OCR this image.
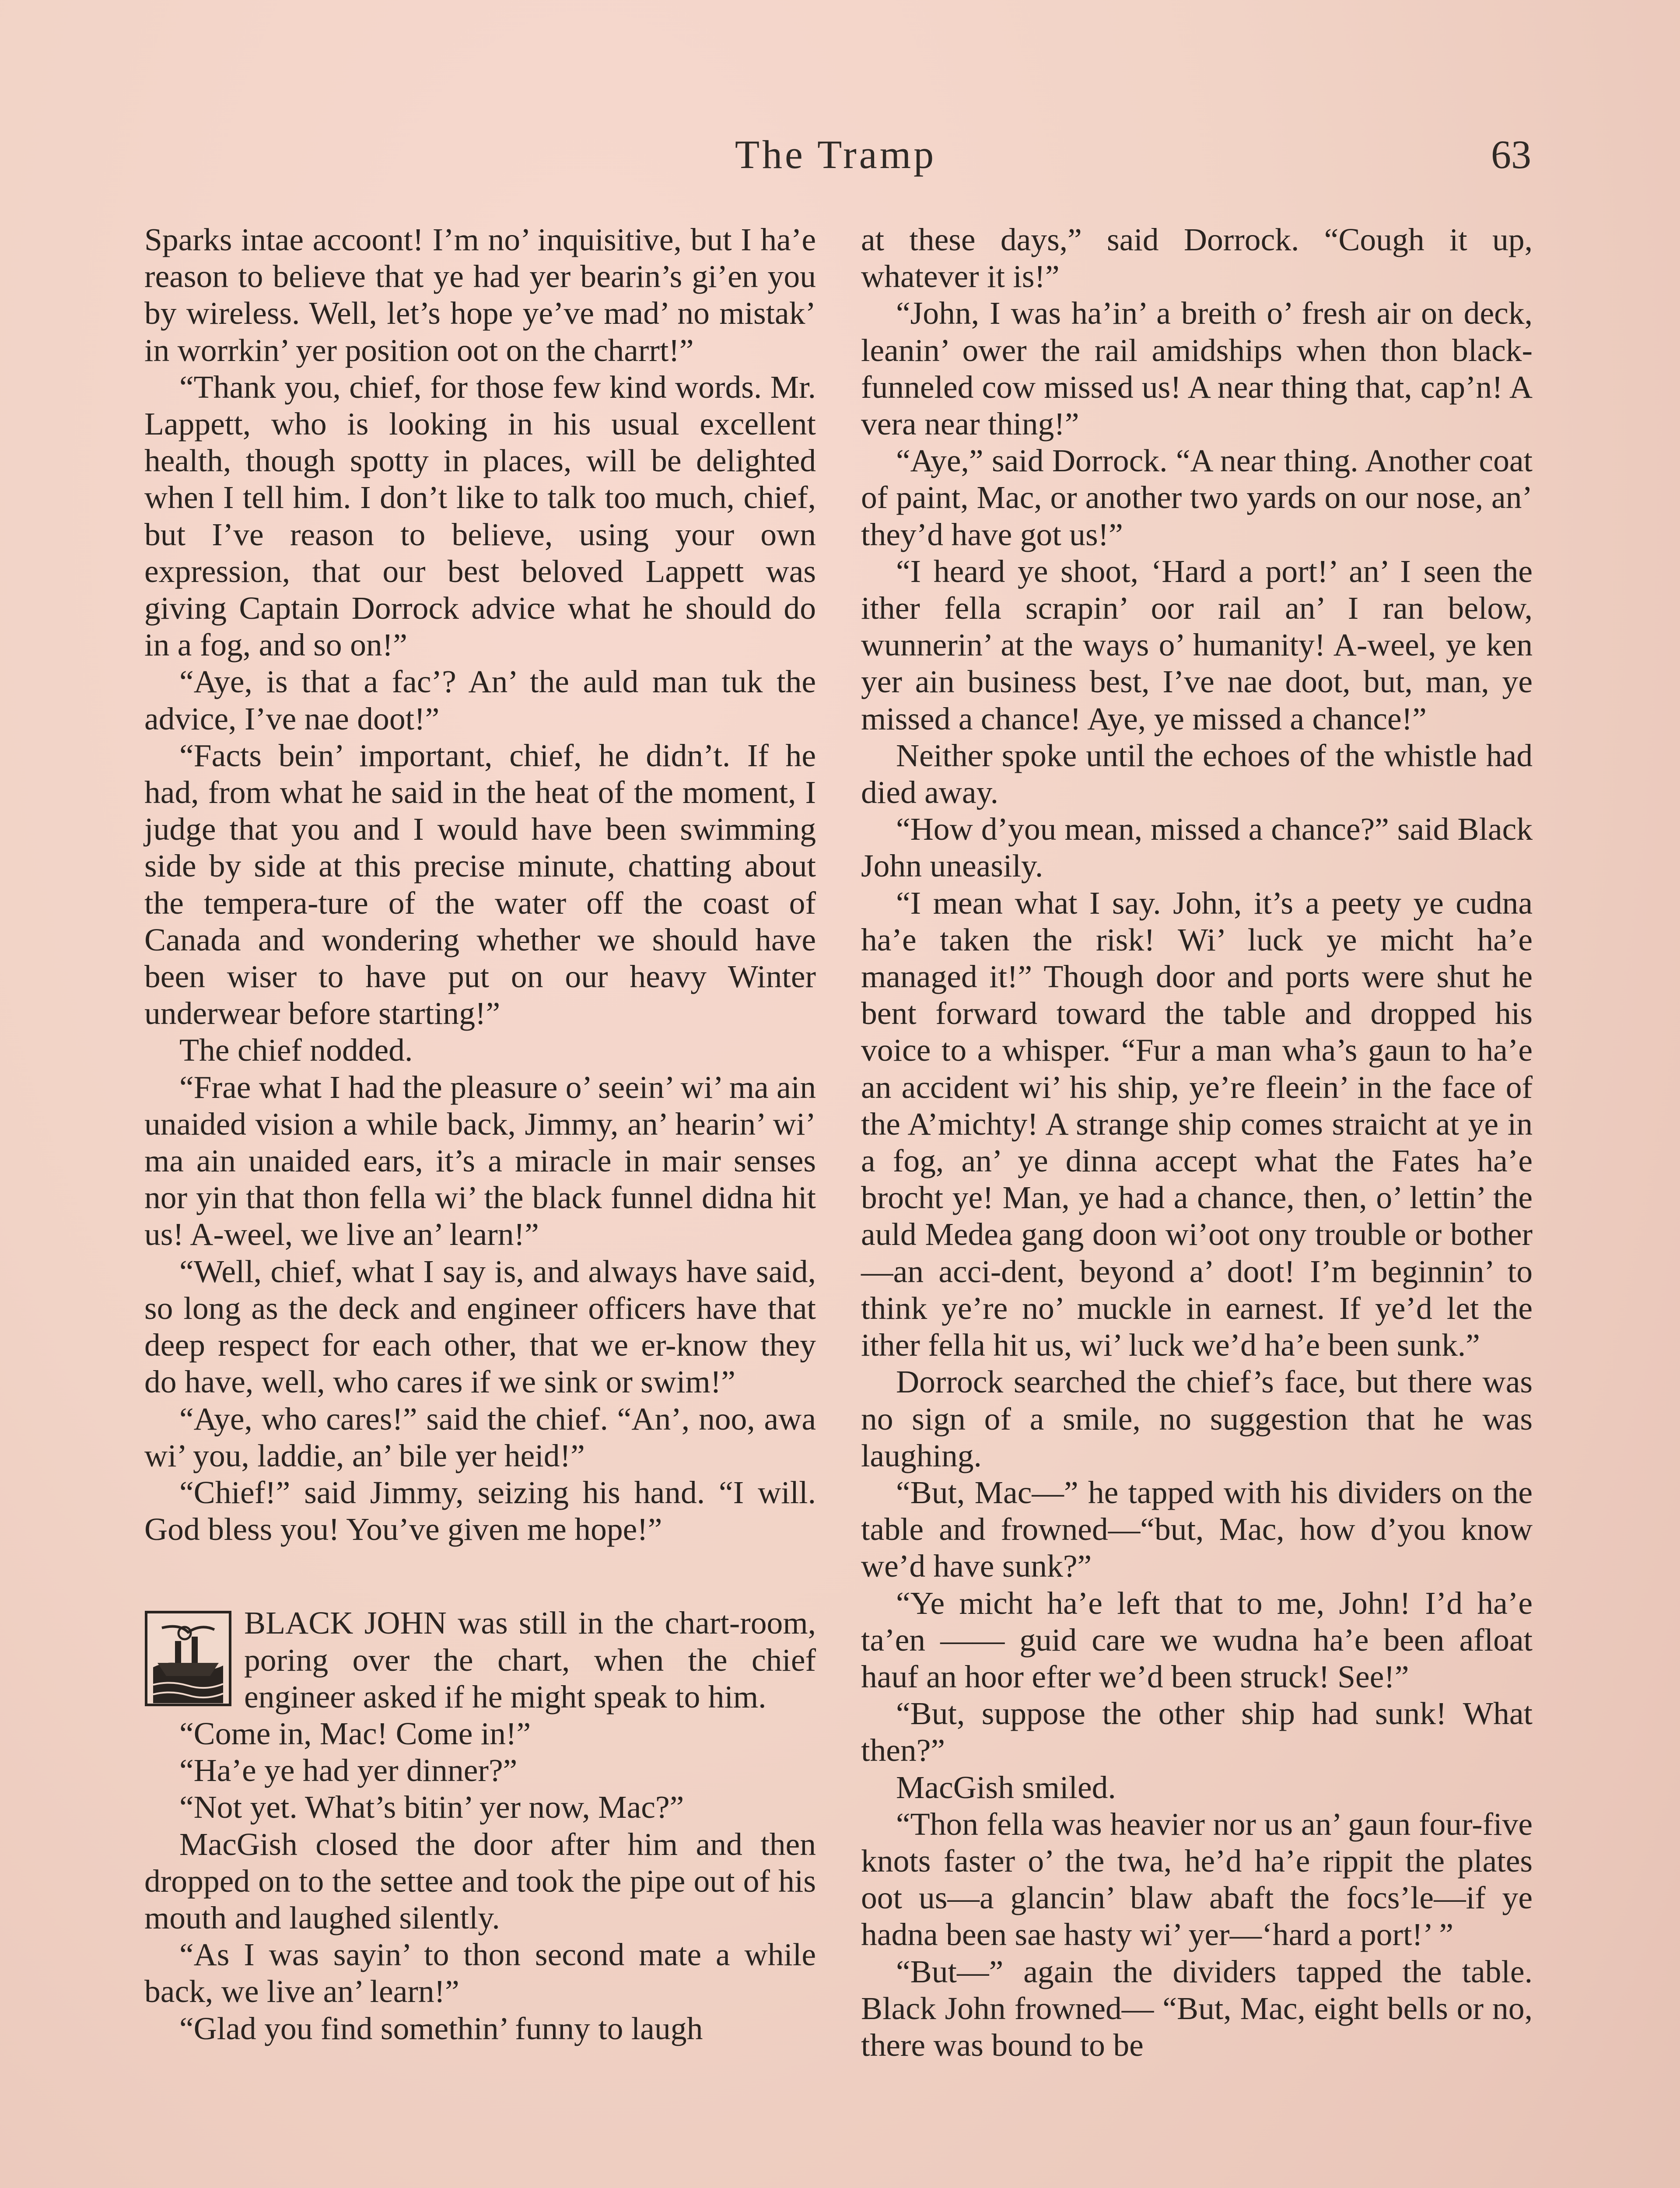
The Tramp	63

Sparks intae accoont! I’m no’ inquisitive, but I ha’e reason to believe that ye had yer bearin’s gi’en you by wireless. Well, let’s hope ye’ve mad’ no mistak’ in worrkin’ yer position oot on the charrt!”

“Thank you, chief, for those few kind words. Mr. Lappett, who is looking in his usual excellent health, though spotty in places, will be delighted when I tell him. I don’t like to talk too much, chief, but I’ve reason to believe, using your own expression, that our best beloved Lappett was giving Captain Dorrock advice what he should do in a fog, and so on!”

“Aye, is that a fac’? An’ the auld man tuk the advice, I’ve nae doot!”

“Facts bein’ important, chief, he didn’t. If he had, from what he said in the heat of the moment, I judge that you and I would have been swimming side by side at this precise minute, chatting about the tempera-ture of the water off the coast of Canada and wondering whether we should have been wiser to have put on our heavy Winter underwear before starting!”

The chief nodded.

“Frae what I had the pleasure o’ seein’ wi’ ma ain unaided vision a while back, Jimmy, an’ hearin’ wi’ ma ain unaided ears, it’s a miracle in mair senses nor yin that thon fella wi’ the black funnel didna hit us! A-weel, we live an’ learn!”

“Well, chief, what I say is, and always have said, so long as the deck and engineer officers have that deep respect for each other, that we er-know they do have, well, who cares if we sink or swim!”

“Aye, who cares!” said the chief. “An’, noo, awa wi’ you, laddie, an’ bile yer heid!”

“Chief!” said Jimmy, seizing his hand. “I will. God bless you! You’ve given me hope!”

BLACK JOHN was still in the chart-room, poring over the chart, when the chief engineer asked if he might speak to him.

“Come in, Mac! Come in!”

“Ha’e ye had yer dinner?”

“Not yet. What’s bitin’ yer now, Mac?”

MacGish closed the door after him and then dropped on to the settee and took the pipe out of his mouth and laughed silently.

“As I was sayin’ to thon second mate a while back, we live an’ learn!”

“Glad you find somethin’ funny to laugh

at these days,” said Dorrock. “Cough it up, whatever it is!”

“John, I was ha’in’ a breith o’ fresh air on deck, leanin’ ower the rail amidships when thon black-funneled cow missed us! A near thing that, cap’n! A vera near thing!”

“Aye,” said Dorrock. “A near thing. Another coat of paint, Mac, or another two yards on our nose, an’ they’d have got us!”

“I heard ye shoot, ‘Hard a port!’ an’ I seen the ither fella scrapin’ oor rail an’ I ran below, wunnerin’ at the ways o’ humanity! A-weel, ye ken yer ain business best, I’ve nae doot, but, man, ye missed a chance! Aye, ye missed a chance!”

Neither spoke until the echoes of the whistle had died away.

“How d’you mean, missed a chance?” said Black John uneasily.

“I mean what I say. John, it’s a peety ye cudna ha’e taken the risk! Wi’ luck ye micht ha’e managed it!” Though door and ports were shut he bent forward toward the table and dropped his voice to a whisper. “Fur a man wha’s gaun to ha’e an accident wi’ his ship, ye’re fleein’ in the face of the A’michty! A strange ship comes straicht at ye in a fog, an’ ye dinna accept what the Fates ha’e brocht ye! Man, ye had a chance, then, o’ lettin’ the auld Medea gang doon wi’oot ony trouble or bother—an acci-dent, beyond a’ doot! I’m beginnin’ to think ye’re no’ muckle in earnest. If ye’d let the ither fella hit us, wi’ luck we’d ha’e been sunk.”

Dorrock searched the chief’s face, but there was no sign of a smile, no suggestion that he was laughing.

“But, Mac—” he tapped with his dividers on the table and frowned—“but, Mac, how d’you know we’d have sunk?”

“Ye micht ha’e left that to me, John! I’d ha’e ta’en —— guid care we wudna ha’e been afloat hauf an hoor efter we’d been struck! See!”

“But, suppose the other ship had sunk! What then?”

MacGish smiled.

“Thon fella was heavier nor us an’ gaun four-five knots faster o’ the twa, he’d ha’e rippit the plates oot us—a glancin’ blaw abaft the focs’le—if ye hadna been sae hasty wi’ yer—‘hard a port!’ ”

“But—” again the dividers tapped the table. Black John frowned— “But, Mac, eight bells or no, there was bound to be
